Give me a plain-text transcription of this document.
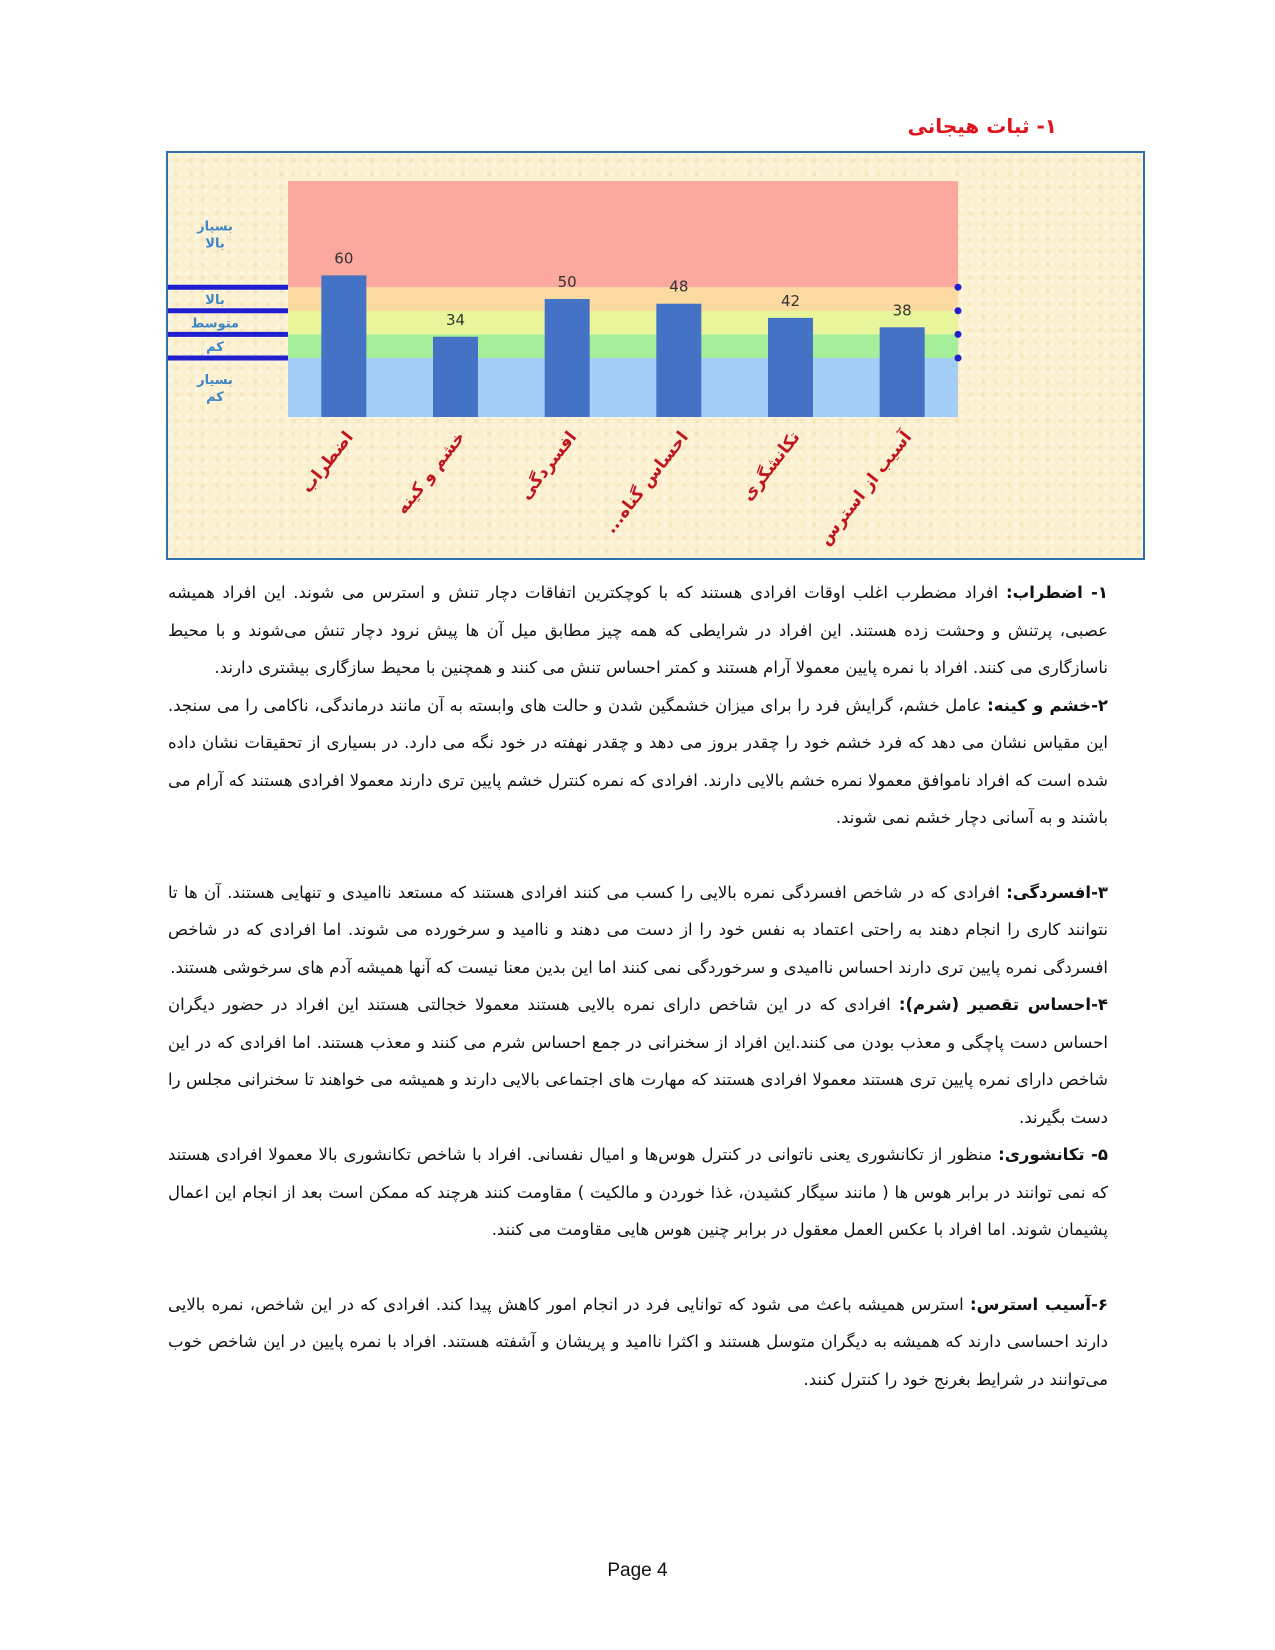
۱- ثبات هیجانی
بسیار
کم
کم
متوسط
بالا
بسیار
بالا
60
34
50	48
42
38
اضطراب خشم و کینه	افسردگی احساس گناه...	تکانشگری آسیب از استرس

۱- اضطراب: افراد مضطرب اغلب اوقات افرادی هستند که با کوچکترین اتفاقات دچار تنش و استرس می شوند. این افراد همیشه عصبی، پرتنش و وحشت زده هستند. این افراد در شرایطی که همه چیز مطابق میل آن ها پیش نرود دچار تنش می‌شوند و با محیط ناسازگاری می کنند. افراد با نمره پایین معمولا آرام هستند و کمتر احساس تنش می کنند و همچنین با محیط سازگاری بیشتری دارند.

۲-خشم و کینه: عامل خشم، گرایش فرد را برای میزان خشمگین شدن و حالت های وابسته به آن مانند درماندگی، ناکامی را می سنجد. این مقیاس نشان می دهد که فرد خشم خود را چقدر بروز می دهد و چقدر نهفته در خود نگه می دارد. در بسیاری از تحقیقات نشان داده شده است که افراد ناموافق معمولا نمره خشم بالایی دارند. افرادی که نمره کنترل خشم پایین تری دارند معمولا افرادی هستند که آرام می باشند و به آسانی دچار خشم نمی شوند.

۳-افسردگی: افرادی که در شاخص افسردگی نمره بالایی را کسب می کنند افرادی هستند که مستعد ناامیدی و تنهایی هستند. آن ها تا نتوانند کاری را انجام دهند به راحتی اعتماد به نفس خود را از دست می دهند و ناامید و سرخورده می شوند. اما افرادی که در شاخص افسردگی نمره پایین تری دارند احساس ناامیدی و سرخوردگی نمی کنند اما این بدین معنا نیست که آنها همیشه آدم های سرخوشی هستند.

۴-احساس تقصیر (شرم): افرادی که در این شاخص دارای نمره بالایی هستند معمولا خجالتی هستند این افراد در حضور دیگران احساس دست پاچگی و معذب بودن می کنند.این افراد از سخنرانی در جمع احساس شرم می کنند و معذب هستند. اما افرادی که در این شاخص دارای نمره پایین تری هستند معمولا افرادی هستند که مهارت های اجتماعی بالایی دارند و همیشه می خواهند تا سخنرانی مجلس را دست بگیرند.

۵- تکانشوری: منظور از تکانشوری یعنی ناتوانی در کنترل هوس‌ها و امیال نفسانی. افراد با شاخص تکانشوری بالا معمولا افرادی هستند که نمی توانند در برابر هوس ها ( مانند سیگار کشیدن، غذا خوردن و مالکیت ) مقاومت کنند هرچند که ممکن است بعد از انجام این اعمال پشیمان شوند. اما افراد با عکس العمل معقول در برابر چنین هوس هایی مقاومت می کنند.

۶-آسیب استرس: استرس همیشه باعث می شود که توانایی فرد در انجام امور کاهش پیدا کند. افرادی که در این شاخص، نمره بالایی دارند احساسی دارند که همیشه به دیگران متوسل هستند و اکثرا ناامید و پریشان و آشفته هستند. افراد با نمره پایین در این شاخص خوب می‌توانند در شرایط بغرنج خود را کنترل کنند.

Page 4
